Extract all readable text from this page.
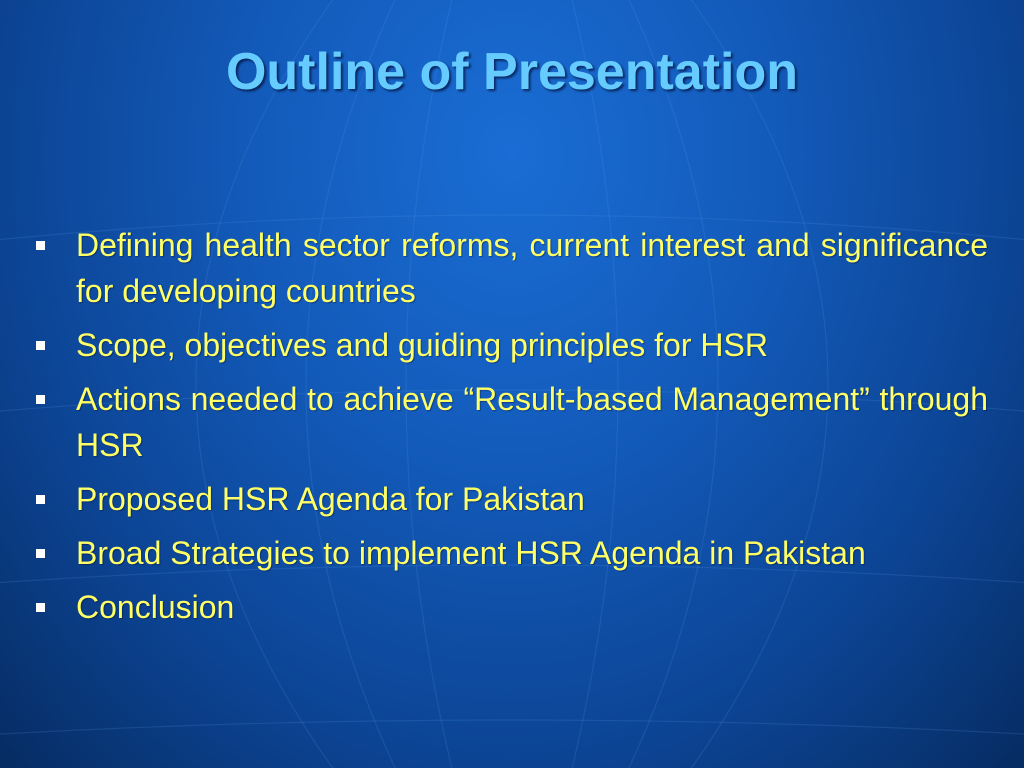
Outline of Presentation
Defining health sector reforms, current interest and significance for developing countries
Scope, objectives and guiding principles for HSR
Actions needed to achieve “Result-based Management” through HSR
Proposed HSR Agenda for Pakistan
Broad Strategies to implement HSR Agenda in Pakistan
Conclusion
